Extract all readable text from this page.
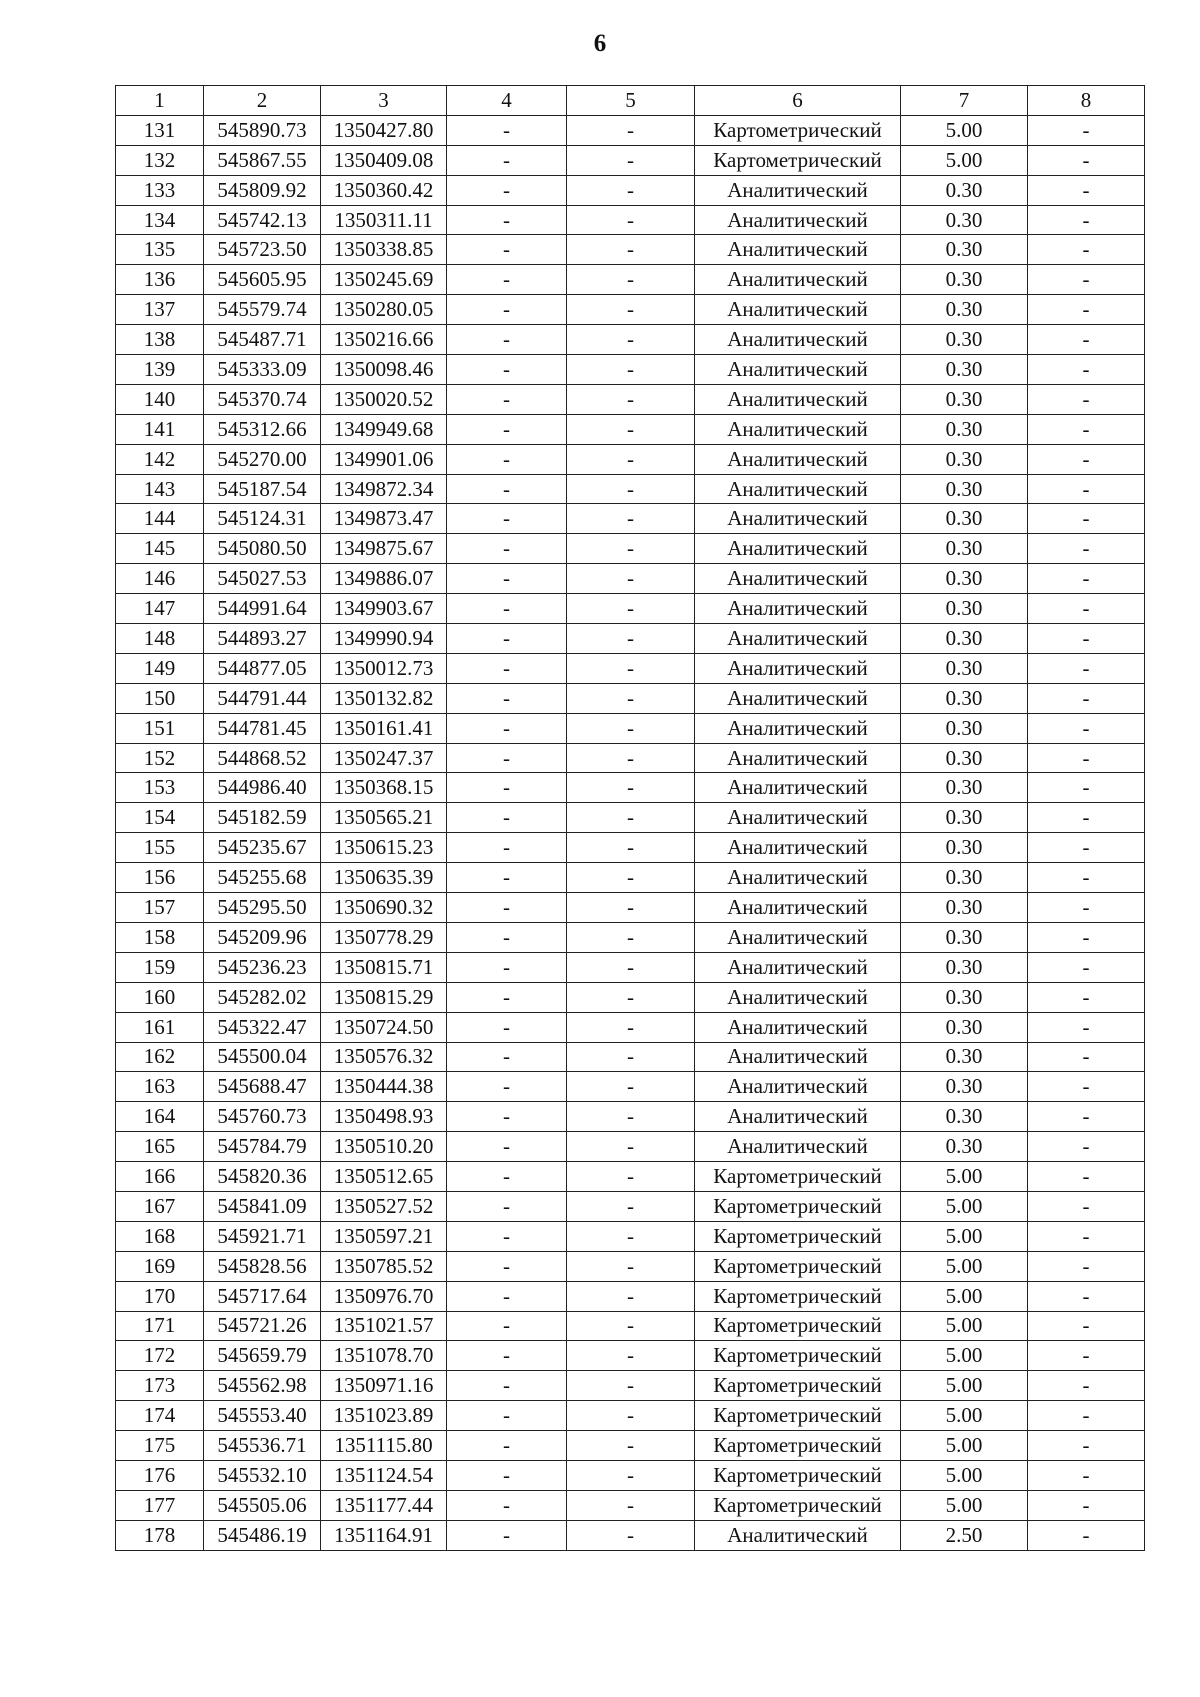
6
1	2	3	4	5	6	7	8
131	545890.73	1350427.80	-	-	Картометрический	5.00	-
132	545867.55	1350409.08	-	-	Картометрический	5.00	-
133	545809.92	1350360.42	-	-	Аналитический	0.30	-
134	545742.13	1350311.11	-	-	Аналитический	0.30	-
135	545723.50	1350338.85	-	-	Аналитический	0.30	-
136	545605.95	1350245.69	-	-	Аналитический	0.30	-
137	545579.74	1350280.05	-	-	Аналитический	0.30	-
138	545487.71	1350216.66	-	-	Аналитический	0.30	-
139	545333.09	1350098.46	-	-	Аналитический	0.30	-
140	545370.74	1350020.52	-	-	Аналитический	0.30	-
141	545312.66	1349949.68	-	-	Аналитический	0.30	-
142	545270.00	1349901.06	-	-	Аналитический	0.30	-
143	545187.54	1349872.34	-	-	Аналитический	0.30	-
144	545124.31	1349873.47	-	-	Аналитический	0.30	-
145	545080.50	1349875.67	-	-	Аналитический	0.30	-
146	545027.53	1349886.07	-	-	Аналитический	0.30	-
147	544991.64	1349903.67	-	-	Аналитический	0.30	-
148	544893.27	1349990.94	-	-	Аналитический	0.30	-
149	544877.05	1350012.73	-	-	Аналитический	0.30	-
150	544791.44	1350132.82	-	-	Аналитический	0.30	-
151	544781.45	1350161.41	-	-	Аналитический	0.30	-
152	544868.52	1350247.37	-	-	Аналитический	0.30	-
153	544986.40	1350368.15	-	-	Аналитический	0.30	-
154	545182.59	1350565.21	-	-	Аналитический	0.30	-
155	545235.67	1350615.23	-	-	Аналитический	0.30	-
156	545255.68	1350635.39	-	-	Аналитический	0.30	-
157	545295.50	1350690.32	-	-	Аналитический	0.30	-
158	545209.96	1350778.29	-	-	Аналитический	0.30	-
159	545236.23	1350815.71	-	-	Аналитический	0.30	-
160	545282.02	1350815.29	-	-	Аналитический	0.30	-
161	545322.47	1350724.50	-	-	Аналитический	0.30	-
162	545500.04	1350576.32	-	-	Аналитический	0.30	-
163	545688.47	1350444.38	-	-	Аналитический	0.30	-
164	545760.73	1350498.93	-	-	Аналитический	0.30	-
165	545784.79	1350510.20	-	-	Аналитический	0.30	-
166	545820.36	1350512.65	-	-	Картометрический	5.00	-
167	545841.09	1350527.52	-	-	Картометрический	5.00	-
168	545921.71	1350597.21	-	-	Картометрический	5.00	-
169	545828.56	1350785.52	-	-	Картометрический	5.00	-
170	545717.64	1350976.70	-	-	Картометрический	5.00	-
171	545721.26	1351021.57	-	-	Картометрический	5.00	-
172	545659.79	1351078.70	-	-	Картометрический	5.00	-
173	545562.98	1350971.16	-	-	Картометрический	5.00	-
174	545553.40	1351023.89	-	-	Картометрический	5.00	-
175	545536.71	1351115.80	-	-	Картометрический	5.00	-
176	545532.10	1351124.54	-	-	Картометрический	5.00	-
177	545505.06	1351177.44	-	-	Картометрический	5.00	-
178	545486.19	1351164.91	-	-	Аналитический	2.50	-
